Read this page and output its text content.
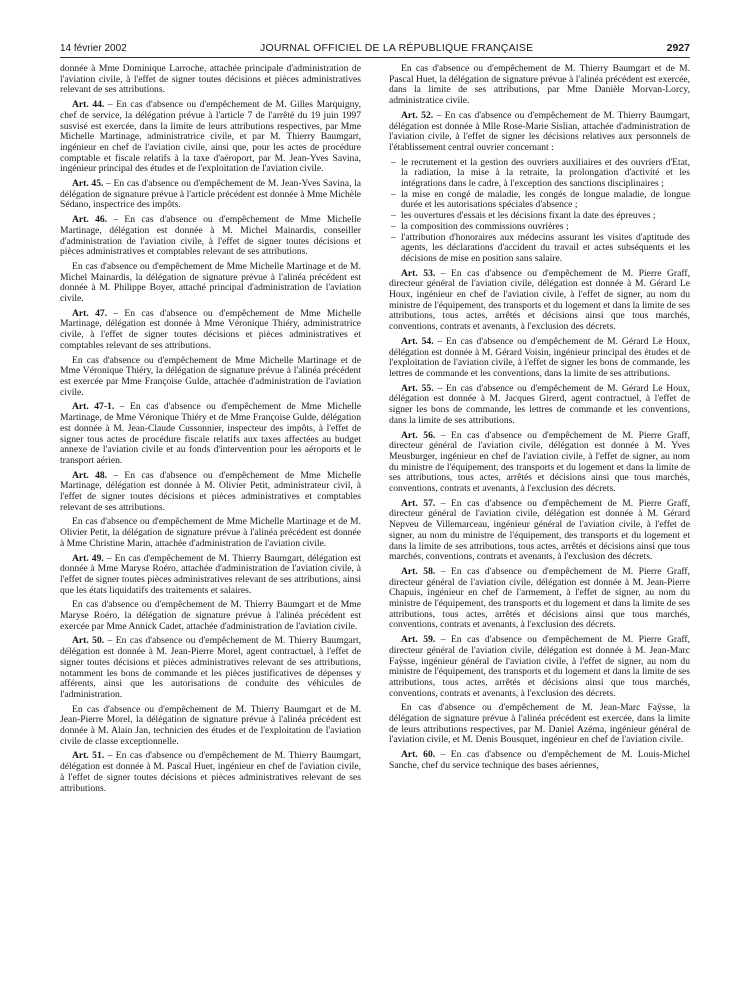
14 février 2002	JOURNAL OFFICIEL DE LA RÉPUBLIQUE FRANÇAISE	2927

donnée à Mme Dominique Larroche, attachée principale d'administration de l'aviation civile, à l'effet de signer toutes décisions et pièces administratives relevant de ses attributions.

Art. 44. – En cas d'absence ou d'empêchement de M. Gilles Marquigny, chef de service, la délégation prévue à l'article 7 de l'arrêté du 19 juin 1997 susvisé est exercée, dans la limite de leurs attributions respectives, par Mme Michelle Martinage, administratrice civile, et par M. Thierry Baumgart, ingénieur en chef de l'aviation civile, ainsi que, pour les actes de procédure comptable et fiscale relatifs à la taxe d'aéroport, par M. Jean-Yves Savina, ingénieur principal des études et de l'exploitation de l'aviation civile.

Art. 45. – En cas d'absence ou d'empêchement de M. Jean-Yves Savina, la délégation de signature prévue à l'article précédent est donnée à Mme Michèle Sédano, inspectrice des impôts.

Art. 46. – En cas d'absence ou d'empêchement de Mme Michelle Martinage, délégation est donnée à M. Michel Mainardis, conseiller d'administration de l'aviation civile, à l'effet de signer toutes décisions et pièces administratives et comptables relevant de ses attributions.

En cas d'absence ou d'empêchement de Mme Michelle Martinage et de M. Michel Mainardis, la délégation de signature prévue à l'alinéa précédent est donnée à M. Philippe Boyer, attaché principal d'administration de l'aviation civile.

Art. 47. – En cas d'absence ou d'empêchement de Mme Michelle Martinage, délégation est donnée à Mme Véronique Thiéry, administratrice civile, à l'effet de signer toutes décisions et pièces administratives et comptables relevant de ses attributions.

En cas d'absence ou d'empêchement de Mme Michelle Martinage et de Mme Véronique Thiéry, la délégation de signature prévue à l'alinéa précédent est exercée par Mme Françoise Gulde, attachée d'administration de l'aviation civile.

Art. 47-1. – En cas d'absence ou d'empêchement de Mme Michelle Martinage, de Mme Véronique Thiéry et de Mme Françoise Gulde, délégation est donnée à M. Jean-Claude Cussonnier, inspecteur des impôts, à l'effet de signer tous actes de procédure fiscale relatifs aux taxes affectées au budget annexe de l'aviation civile et au fonds d'intervention pour les aéroports et le transport aérien.

Art. 48. – En cas d'absence ou d'empêchement de Mme Michelle Martinage, délégation est donnée à M. Olivier Petit, administrateur civil, à l'effet de signer toutes décisions et pièces administratives et comptables relevant de ses attributions.

En cas d'absence ou d'empêchement de Mme Michelle Martinage et de M. Olivier Petit, la délégation de signature prévue à l'alinéa précédent est donnée à Mme Christine Marin, attachée d'administration de l'aviation civile.

Art. 49. – En cas d'empêchement de M. Thierry Baumgart, délégation est donnée à Mme Maryse Roéro, attachée d'administration de l'aviation civile, à l'effet de signer toutes pièces administratives relevant de ses attributions, ainsi que les états liquidatifs des traitements et salaires.

En cas d'absence ou d'empêchement de M. Thierry Baumgart et de Mme Maryse Roéro, la délégation de signature prévue à l'alinéa précédent est exercée par Mme Annick Cadet, attachée d'administration de l'aviation civile.

Art. 50. – En cas d'absence ou d'empêchement de M. Thierry Baumgart, délégation est donnée à M. Jean-Pierre Morel, agent contractuel, à l'effet de signer toutes décisions et pièces administratives relevant de ses attributions, notamment les bons de commande et les pièces justificatives de dépenses y afférents, ainsi que les autorisations de conduite des véhicules de l'administration.

En cas d'absence ou d'empêchement de M. Thierry Baumgart et de M. Jean-Pierre Morel, la délégation de signature prévue à l'alinéa précédent est donnée à M. Alain Jan, technicien des études et de l'exploitation de l'aviation civile de classe exceptionnelle.

Art. 51. – En cas d'absence ou d'empêchement de M. Thierry Baumgart, délégation est donnée à M. Pascal Huet, ingénieur en chef de l'aviation civile, à l'effet de signer toutes décisions et pièces administratives relevant de ses attributions.

En cas d'absence ou d'empêchement de M. Thierry Baumgart et de M. Pascal Huet, la délégation de signature prévue à l'alinéa précédent est exercée, dans la limite de ses attributions, par Mme Danièle Morvan-Lorcy, administratice civile.

Art. 52. – En cas d'absence ou d'empêchement de M. Thierry Baumgart, délégation est donnée à Mlle Rose-Marie Sislian, attachée d'administration de l'aviation civile, à l'effet de signer les décisions relatives aux personnels de l'établissement central ouvrier concernant :

– le recrutement et la gestion des ouvriers auxiliaires et des ouvriers d'Etat, la radiation, la mise à la retraite, la prolongation d'activité et les intégrations dans le cadre, à l'exception des sanctions disciplinaires ;
– la mise en congé de maladie, les congés de longue maladie, de longue durée et les autorisations spéciales d'absence ;
– les ouvertures d'essais et les décisions fixant la date des épreuves ;
– la composition des commissions ouvrières ;
– l'attribution d'honoraires aux médecins assurant les visites d'aptitude des agents, les déclarations d'accident du travail et actes subséquents et les décisions de mise en position sans salaire.

Art. 53. – En cas d'absence ou d'empêchement de M. Pierre Graff, directeur général de l'aviation civile, délégation est donnée à M. Gérard Le Houx, ingénieur en chef de l'aviation civile, à l'effet de signer, au nom du ministre de l'équipement, des transports et du logement et dans la limite de ses attributions, tous actes, arrêtés et décisions ainsi que tous marchés, conventions, contrats et avenants, à l'exclusion des décrets.

Art. 54. – En cas d'absence ou d'empêchement de M. Gérard Le Houx, délégation est donnée à M. Gérard Voisin, ingénieur principal des études et de l'exploitation de l'aviation civile, à l'effet de signer les bons de commande, les lettres de commande et les conventions, dans la limite de ses attributions.

Art. 55. – En cas d'absence ou d'empêchement de M. Gérard Le Houx, délégation est donnée à M. Jacques Girerd, agent contractuel, à l'effet de signer les bons de commande, les lettres de commande et les conventions, dans la limite de ses attributions.

Art. 56. – En cas d'absence ou d'empêchement de M. Pierre Graff, directeur général de l'aviation civile, délégation est donnée à M. Yves Meusburger, ingénieur en chef de l'aviation civile, à l'effet de signer, au nom du ministre de l'équipement, des transports et du logement et dans la limite de ses attributions, tous actes, arrêtés et décisions ainsi que tous marchés, conventions, contrats et avenants, à l'exclusion des décrets.

Art. 57. – En cas d'absence ou d'empêchement de M. Pierre Graff, directeur général de l'aviation civile, délégation est donnée à M. Gérard Nepveu de Villemarceau, ingénieur général de l'aviation civile, à l'effet de signer, au nom du ministre de l'équipement, des transports et du logement et dans la limite de ses attributions, tous actes, arrêtés et décisions ainsi que tous marchés, conventions, contrats et avenants, à l'exclusion des décrets.

Art. 58. – En cas d'absence ou d'empêchement de M. Pierre Graff, directeur général de l'aviation civile, délégation est donnée à M. Jean-Pierre Chapuis, ingénieur en chef de l'armement, à l'effet de signer, au nom du ministre de l'équipement, des transports et du logement et dans la limite de ses attributions, tous actes, arrêtés et décisions ainsi que tous marchés, conventions, contrats et avenants, à l'exclusion des décrets.

Art. 59. – En cas d'absence ou d'empêchement de M. Pierre Graff, directeur général de l'aviation civile, délégation est donnée à M. Jean-Marc Faÿsse, ingénieur général de l'aviation civile, à l'effet de signer, au nom du ministre de l'équipement, des transports et du logement et dans la limite de ses attributions, tous actes, arrêtés et décisions ainsi que tous marchés, conventions, contrats et avenants, à l'exclusion des décrets.

En cas d'absence ou d'empêchement de M. Jean-Marc Faÿsse, la délégation de signature prévue à l'alinéa précédent est exercée, dans la limite de leurs attributions respectives, par M. Daniel Azéma, ingénieur général de l'aviation civile, et M. Denis Bousquet, ingénieur en chef de l'aviation civile.

Art. 60. – En cas d'absence ou d'empêchement de M. Louis-Michel Sanche, chef du service technique des bases aériennes,
